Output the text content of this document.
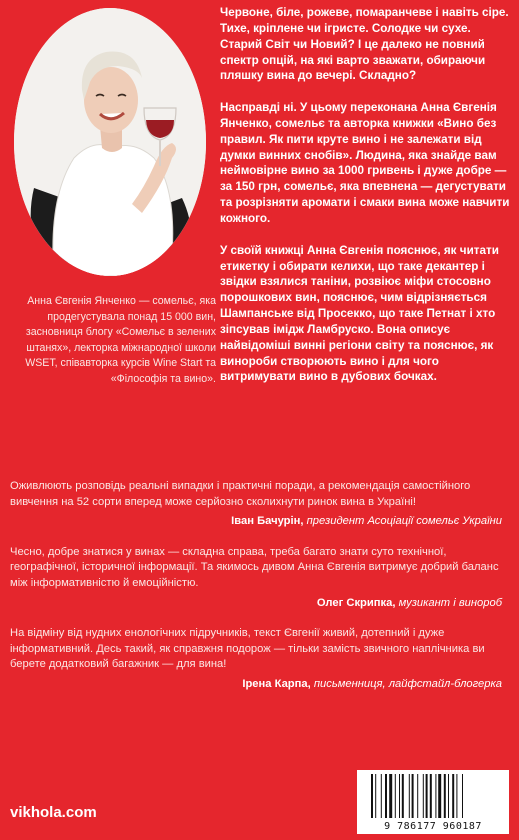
Анна Євгенія Янченко — сомельє, яка продегустувала понад 15 000 вин, засновниця блогу «Сомельє в зелених штанях», лекторка міжнародної школи WSET, співавторка курсів Wine Start та «Філософія та вино».

Червоне, біле, рожеве, помаранчеве і навіть сіре. Тихе, кріплене чи ігристе. Солодке чи сухе. Старий Світ чи Новий? І це далеко не повний спектр опцій, на які варто зважати, обираючи пляшку вина до вечері. Складно?

Насправді ні. У цьому переконана Анна Євгенія Янченко, сомельє та авторка книжки «Вино без правил. Як пити круте вино і не залежати від думки винних снобів». Людина, яка знайде вам неймовірне вино за 1000 гривень і дуже добре — за 150 грн, сомельє, яка впевнена — дегустувати та розрізняти аромати і смаки вина може навчити кожного.

У своїй книжці Анна Євгенія пояснює, як читати етикетку і обирати келихи, що таке декантер і звідки взялися таніни, розвіює міфи стосовно порошкових вин, пояснює, чим відрізняється Шампанське від Просекко, що таке Петнат і хто зіпсував імідж Ламбруско. Вона описує найвідоміші винні регіони світу та пояснює, як винороби створюють вино і для чого витримувати вино в дубових бочках.

Оживлюють розповідь реальні випадки і практичні поради, а рекомендація самостійного вивчення на 52 сорти вперед може серйозно сколихнути ринок вина в Україні!

Іван Бачурін, президент Асоціації сомельє України

Чесно, добре знатися у винах — складна справа, треба багато знати суто технічної, географічної, історичної інформації. Та якимось дивом Анна Євгенія витримує добрий баланс між інформативністю й емоційністю.

Олег Скрипка, музикант і винороб

На відміну від нудних енологічних підручників, текст Євгенії живий, дотепний і дуже інформативний. Десь такий, як справжня подорож — тільки замість звичного наплічника ви берете додатковий багажник — для вина!

Ірена Карпа, письменниця, лайфстайл-блогерка

vikhola.com
9 786177 960187
